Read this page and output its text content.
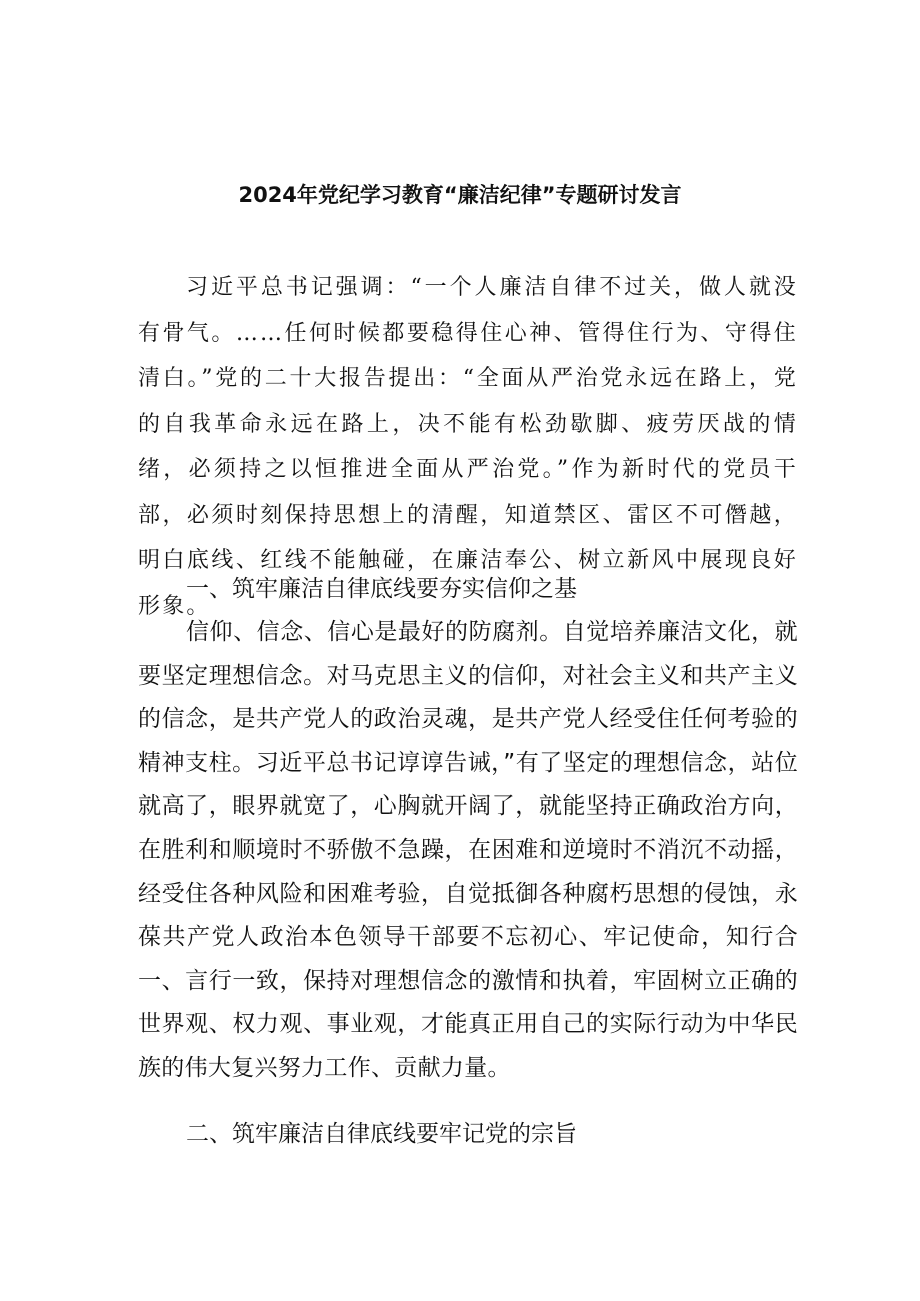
2024年党纪学习教育“廉洁纪律”专题研讨发言

习近平总书记强调：“一个人廉洁自律不过关，做人就没有骨气。……任何时候都要稳得住心神、管得住行为、守得住清白。”党的二十大报告提出：“全面从严治党永远在路上，党的自我革命永远在路上，决不能有松劲歇脚、疲劳厌战的情绪，必须持之以恒推进全面从严治党。”作为新时代的党员干部，必须时刻保持思想上的清醒，知道禁区、雷区不可僭越，明白底线、红线不能触碰，在廉洁奉公、树立新风中展现良好形象。

一、筑牢廉洁自律底线要夯实信仰之基

信仰、信念、信心是最好的防腐剂。自觉培养廉洁文化，就要坚定理想信念。对马克思主义的信仰，对社会主义和共产主义的信念，是共产党人的政治灵魂，是共产党人经受住任何考验的精神支柱。习近平总书记谆谆告诫，”有了坚定的理想信念，站位就高了，眼界就宽了，心胸就开阔了，就能坚持正确政治方向，在胜利和顺境时不骄傲不急躁，在困难和逆境时不消沉不动摇，经受住各种风险和困难考验，自觉抵御各种腐朽思想的侵蚀，永葆共产党人政治本色领导干部要不忘初心、牢记使命，知行合一、言行一致，保持对理想信念的激情和执着，牢固树立正确的世界观、权力观、事业观，才能真正用自己的实际行动为中华民族的伟大复兴努力工作、贡献力量。

二、筑牢廉洁自律底线要牢记党的宗旨
